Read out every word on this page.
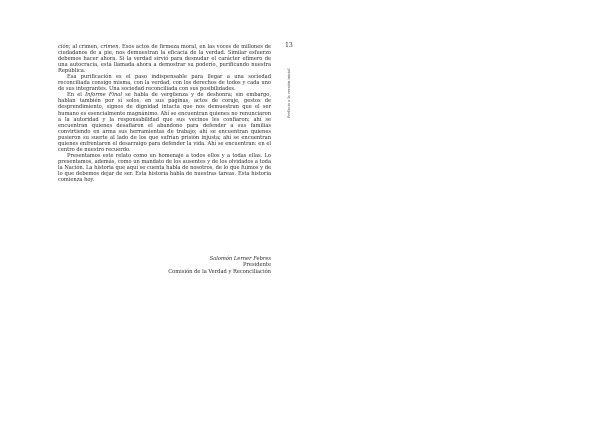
13
Prefacio a la versión inicial

ción; al crimen, crimen. Esos actos de firmeza moral, en las voces de millones de ciudadanos de a pie, nos demuestran la eficacia de la verdad. Similar esfuerzo debemos hacer ahora. Si la verdad sirvió para desnudar el carácter efímero de una autocracia, está llamada ahora a demostrar su poderío, purificando nuestra República.

Esa purificación es el paso indispensable para llegar a una sociedad reconciliada consigo misma, con la verdad, con los derechos de todos y cada uno de sus integrantes. Una sociedad reconciliada con sus posibilidades.

En el Informe Final se habla de vergüenza y de deshonra; sin embargo, hablan también por sí solos, en sus páginas, actos de coraje, gestos de desprendimiento, signos de dignidad intacta que nos demuestran que el ser humano es esencialmente magnánimo. Ahí se encuentran quienes no renunciaron a la autoridad y la responsabilidad que sus vecinos les confiaron; ahí se encuentran quienes desafiaron el abandono para defender a sus familias convirtiendo en arma sus herramientas de trabajo; ahí se encuentran quienes pusieron su suerte al lado de los que sufrían prisión injusta; ahí se encuentran quienes enfrentaron el desarraigo para defender la vida. Ahí se encuentran: en el centro de nuestro recuerdo.

Presentamos este relato como un homenaje a todos ellos y a todas ellas. Lo presentamos, además, como un mandato de los ausentes y de los olvidados a toda la Nación. La historia que aquí se cuenta habla de nosotros, de lo que fuimos y de lo que debemos dejar de ser. Esta historia habla de nuestras tareas. Esta historia comienza hoy.

Salomón Lerner Febres
Presidente
Comisión de la Verdad y Reconciliación
